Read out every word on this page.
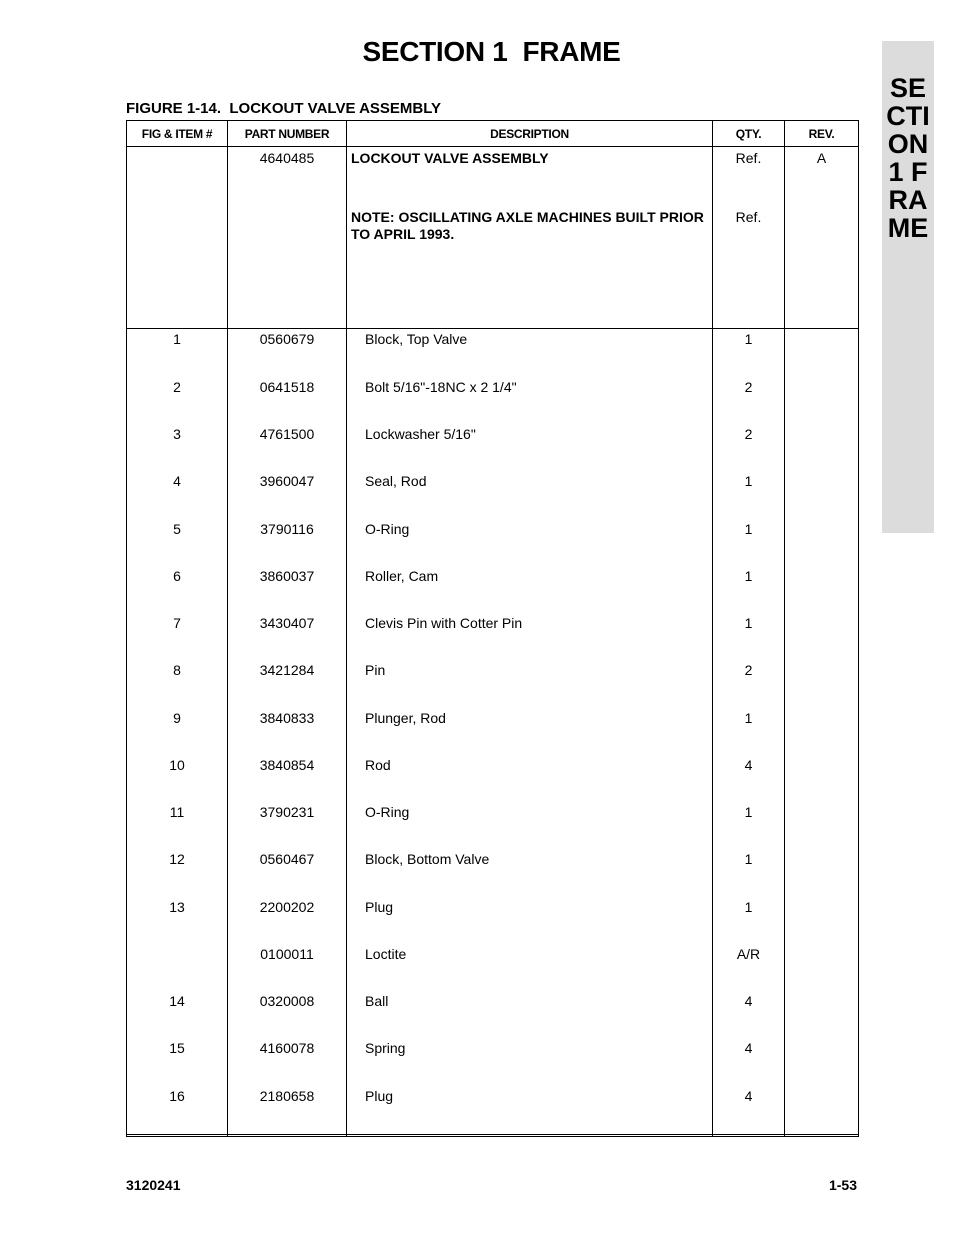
SECTION 1  FRAME
FIGURE 1-14.  LOCKOUT VALVE ASSEMBLY
SECTION 1 FRAME
FIG & ITEM #	PART NUMBER	DESCRIPTION	QTY.	REV.
	4640485	LOCKOUT VALVE ASSEMBLY	Ref.	A
		NOTE: OSCILLATING AXLE MACHINES BUILT PRIOR TO APRIL 1993.	Ref.	

1	0560679	Block, Top Valve	1	
2	0641518	Bolt 5/16"-18NC x 2 1/4"	2	
3	4761500	Lockwasher 5/16"	2	
4	3960047	Seal, Rod	1	
5	3790116	O-Ring	1	
6	3860037	Roller, Cam	1	
7	3430407	Clevis Pin with Cotter Pin	1	
8	3421284	Pin	2	
9	3840833	Plunger, Rod	1	
10	3840854	Rod	4	
11	3790231	O-Ring	1	
12	0560467	Block, Bottom Valve	1	
13	2200202	Plug	1	
	0100011	Loctite	A/R	
14	0320008	Ball	4	
15	4160078	Spring	4	
16	2180658	Plug	4	

3120241	1-53
